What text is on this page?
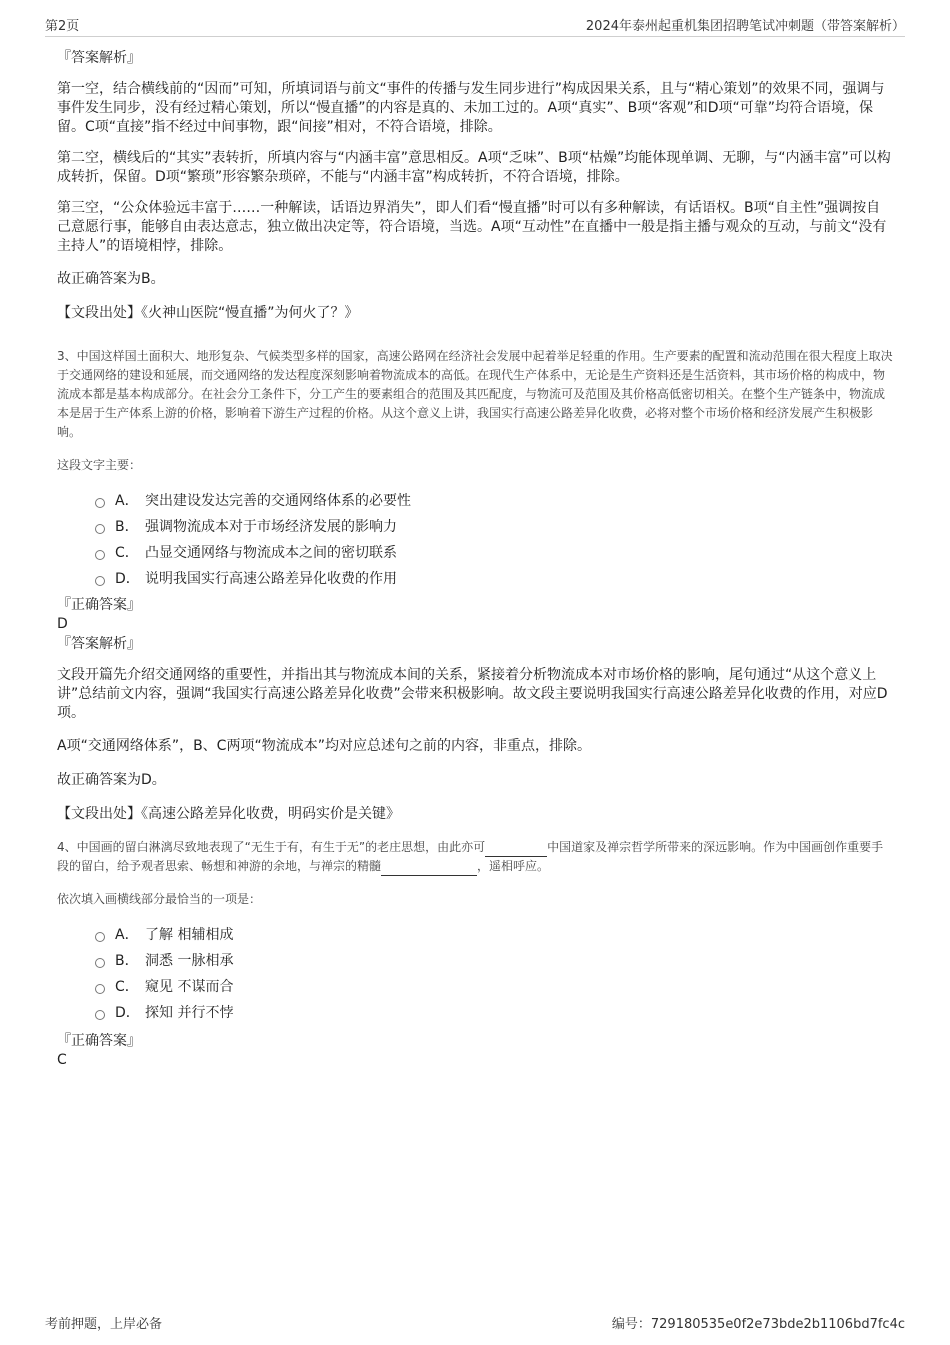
第2页	2024年泰州起重机集团招聘笔试冲刺题（带答案解析）

『答案解析』

第一空，结合横线前的“因而”可知，所填词语与前文“事件的传播与发生同步进行”构成因果关系，且与“精心策划”的效果不同，强调与事件发生同步，没有经过精心策划，所以“慢直播”的内容是真的、未加工过的。A项“真实”、B项“客观”和D项“可靠”均符合语境，保留。C项“直接”指不经过中间事物，跟“间接”相对，不符合语境，排除。

第二空，横线后的“其实”表转折，所填内容与“内涵丰富”意思相反。A项“乏味”、B项“枯燥”均能体现单调、无聊，与“内涵丰富”可以构成转折，保留。D项“繁琐”形容繁杂琐碎，不能与“内涵丰富”构成转折，不符合语境，排除。

第三空，“公众体验远丰富于……一种解读，话语边界消失”，即人们看“慢直播”时可以有多种解读，有话语权。B项“自主性”强调按自己意愿行事，能够自由表达意志，独立做出决定等，符合语境，当选。A项“互动性”在直播中一般是指主播与观众的互动，与前文“没有主持人”的语境相悖，排除。

故正确答案为B。

【文段出处】《火神山医院“慢直播”为何火了？》

3、中国这样国土面积大、地形复杂、气候类型多样的国家，高速公路网在经济社会发展中起着举足轻重的作用。生产要素的配置和流动范围在很大程度上取决于交通网络的建设和延展，而交通网络的发达程度深刻影响着物流成本的高低。在现代生产体系中，无论是生产资料还是生活资料，其市场价格的构成中，物流成本都是基本构成部分。在社会分工条件下，分工产生的要素组合的范围及其匹配度，与物流可及范围及其价格高低密切相关。在整个生产链条中，物流成本是居于生产体系上游的价格，影响着下游生产过程的价格。从这个意义上讲，我国实行高速公路差异化收费，必将对整个市场价格和经济发展产生积极影响。

这段文字主要：

A． 突出建设发达完善的交通网络体系的必要性
B． 强调物流成本对于市场经济发展的影响力
C． 凸显交通网络与物流成本之间的密切联系
D． 说明我国实行高速公路差异化收费的作用

『正确答案』

D

『答案解析』

文段开篇先介绍交通网络的重要性，并指出其与物流成本间的关系，紧接着分析物流成本对市场价格的影响，尾句通过“从这个意义上讲”总结前文内容，强调“我国实行高速公路差异化收费”会带来积极影响。故文段主要说明我国实行高速公路差异化收费的作用，对应D项。

A项“交通网络体系”，B、C两项“物流成本”均对应总述句之前的内容，非重点，排除。

故正确答案为D。

【文段出处】《高速公路差异化收费，明码实价是关键》

4、中国画的留白淋漓尽致地表现了“无生于有，有生于无”的老庄思想，由此亦可	中国道家及禅宗哲学所带来的深远影响。作为中国画创作重要手段的留白，给予观者思索、畅想和神游的余地，与禅宗的精髓	，遥相呼应。

依次填入画横线部分最恰当的一项是：

A． 了解 相辅相成
B． 洞悉 一脉相承
C． 窥见 不谋而合
D． 探知 并行不悖

『正确答案』

C

考前押题，上岸必备	编号：729180535e0f2e73bde2b1106bd7fc4c
